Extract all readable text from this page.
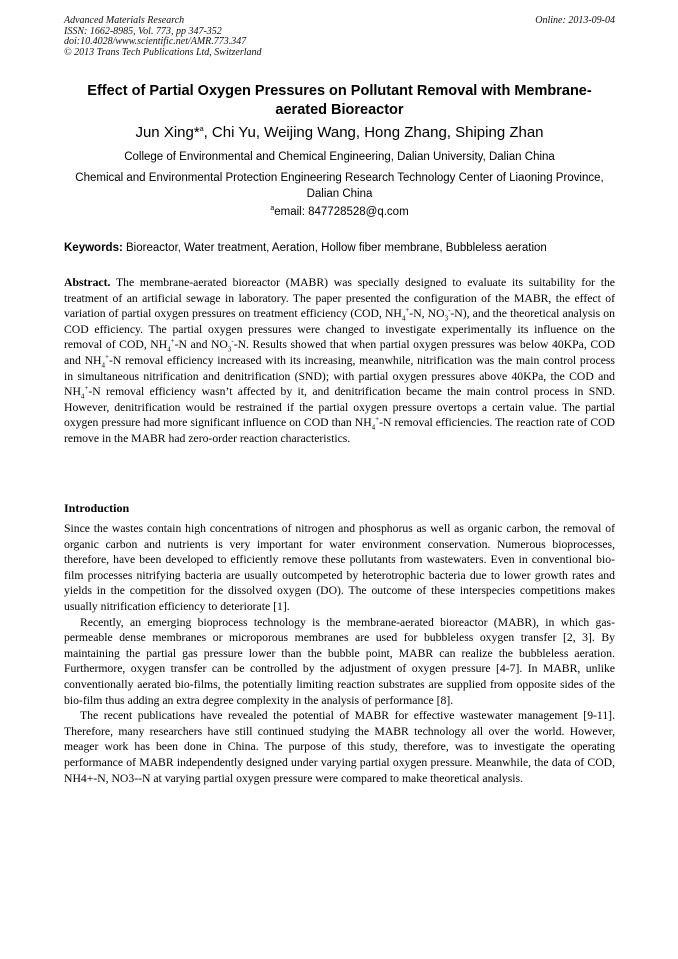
Advanced Materials Research
ISSN: 1662-8985, Vol. 773, pp 347-352
doi:10.4028/www.scientific.net/AMR.773.347
© 2013 Trans Tech Publications Ltd, Switzerland
Online: 2013-09-04
Effect of Partial Oxygen Pressures on Pollutant Removal with Membrane-aerated Bioreactor
Jun Xing*$^a$, Chi Yu, Weijing Wang, Hong Zhang, Shiping Zhan
College of Environmental and Chemical Engineering, Dalian University, Dalian China
Chemical and Environmental Protection Engineering Research Technology Center of Liaoning Province, Dalian China
$^a$email: 847728528@q.com
Keywords: Bioreactor, Water treatment, Aeration, Hollow fiber membrane, Bubbleless aeration
Abstract. The membrane-aerated bioreactor (MABR) was specially designed to evaluate its suitability for the treatment of an artificial sewage in laboratory. The paper presented the configuration of the MABR, the effect of variation of partial oxygen pressures on treatment efficiency (COD, $NH_4^+-N$, $NO_3^--N$), and the theoretical analysis on COD efficiency. The partial oxygen pressures were changed to investigate experimentally its influence on the removal of COD, $NH_4^+-N$ and $NO_3^--N$. Results showed that when partial oxygen pressures was below 40KPa, COD and $NH_4^+-N$ removal efficiency increased with its increasing, meanwhile, nitrification was the main control process in simultaneous nitrification and denitrification (SND); with partial oxygen pressures above 40KPa, the COD and $NH_4^+-N$ removal efficiency wasn’t affected by it, and denitrification became the main control process in SND. However, denitrification would be restrained if the partial oxygen pressure overtops a certain value. The partial oxygen pressure had more significant influence on COD than $NH_4^+-N$ removal efficiencies. The reaction rate of COD remove in the MABR had zero-order reaction characteristics.
Introduction

Since the wastes contain high concentrations of nitrogen and phosphorus as well as organic carbon, the removal of organic carbon and nutrients is very important for water environment conservation. Numerous bioprocesses, therefore, have been developed to efficiently remove these pollutants from wastewaters. Even in conventional bio-film processes nitrifying bacteria are usually outcompeted by heterotrophic bacteria due to lower growth rates and yields in the competition for the dissolved oxygen (DO). The outcome of these interspecies competitions makes usually nitrification efficiency to deteriorate [1].

Recently, an emerging bioprocess technology is the membrane-aerated bioreactor (MABR), in which gas-permeable dense membranes or microporous membranes are used for bubbleless oxygen transfer [2, 3]. By maintaining the partial gas pressure lower than the bubble point, MABR can realize the bubbleless aeration. Furthermore, oxygen transfer can be controlled by the adjustment of oxygen pressure [4-7]. In MABR, unlike conventionally aerated bio-films, the potentially limiting reaction substrates are supplied from opposite sides of the bio-film thus adding an extra degree complexity in the analysis of performance [8].

The recent publications have revealed the potential of MABR for effective wastewater management [9-11]. Therefore, many researchers have still continued studying the MABR technology all over the world. However, meager work has been done in China. The purpose of this study, therefore, was to investigate the operating performance of MABR independently designed under varying partial oxygen pressure. Meanwhile, the data of COD, NH4+-N, NO3--N at varying partial oxygen pressure were compared to make theoretical analysis.
